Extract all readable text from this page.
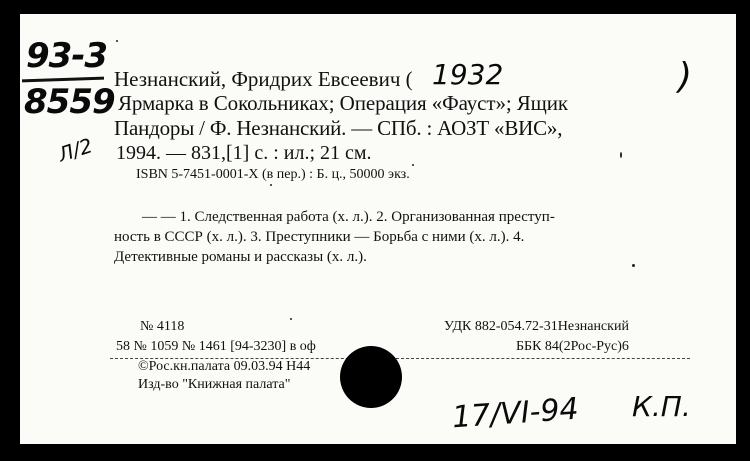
93-3
8559
Л/2
Незнанский, Фридрих Евсеевич ( 1932	)
Ярмарка в Сокольниках; Операция «Фауст»; Ящик
Пандоры / Ф. Незнанский. — СПб. : АОЗТ «ВИС»,
1994. — 831,[1] с. : ил.; 21 см.
ISBN 5-7451-0001-X (в пер.) : Б. ц., 50000 экз.
— — 1. Следственная работа (х. л.). 2. Организованная преступ-
ность в СССР (х. л.). 3. Преступники — Борьба с ними (х. л.). 4.
Детективные романы и рассказы (х. л.).
№ 4118
58 № 1059 № 1461 [94-3230] в оф
©Рос.кн.палата 09.03.94 Н44
Изд-во "Книжная палата"
УДК 882-054.72-31Незнанский
ББК 84(2Рос-Рус)6
17/VI-94 К.П.
